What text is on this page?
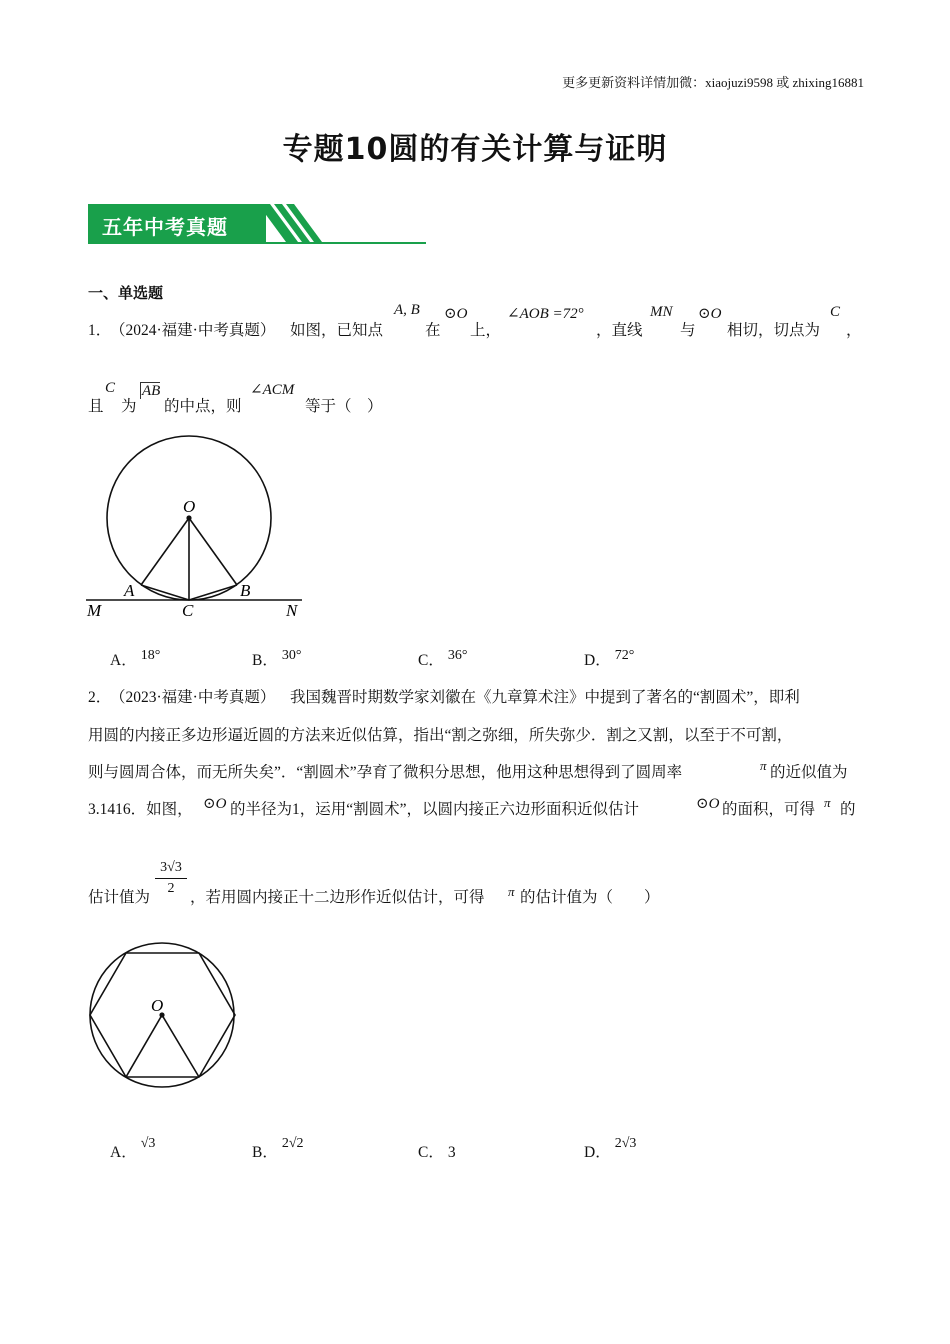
更多更新资料详情加微：xiaojuzi9598 或 zhixing16881
专题10圆的有关计算与证明
五年中考真题
一、单选题
1．
（2024·福建·中考真题） 如图，已知点
A, B
在
⊙O
上，
∠AOB =72°
，直线
MN
与
⊙O
相切，切点为
C
，
且
C
为
AB
的中点，则
∠ACM
等于（　）
O
A	B
C
M	N
A． 18°	B． 30°	C． 36°	D． 72°
2．
（2023·福建·中考真题） 我国魏晋时期数学家刘徽在《九章算术注》中提到了著名的“割圆术”，即利
用圆的内接正多边形逼近圆的方法来近似估算，指出“割之弥细，所失弥少．割之又割，以至于不可割，
则与圆周合体，而无所失矣”．“割圆术”孕育了微积分思想，他用这种思想得到了圆周率	π 的近似值为
3.1416．如图， ⊙O 的半径为1，运用“割圆术”，以圆内接正六边形面积近似估计	⊙O 的面积，可得 π 的
估计值为
$\frac{3√3}{2}$
，若用圆内接正十二边形作近似估计，可得 π 的估计值为（　　）
O
A． √3
B． 2√2
C． 3	D． 2√3
